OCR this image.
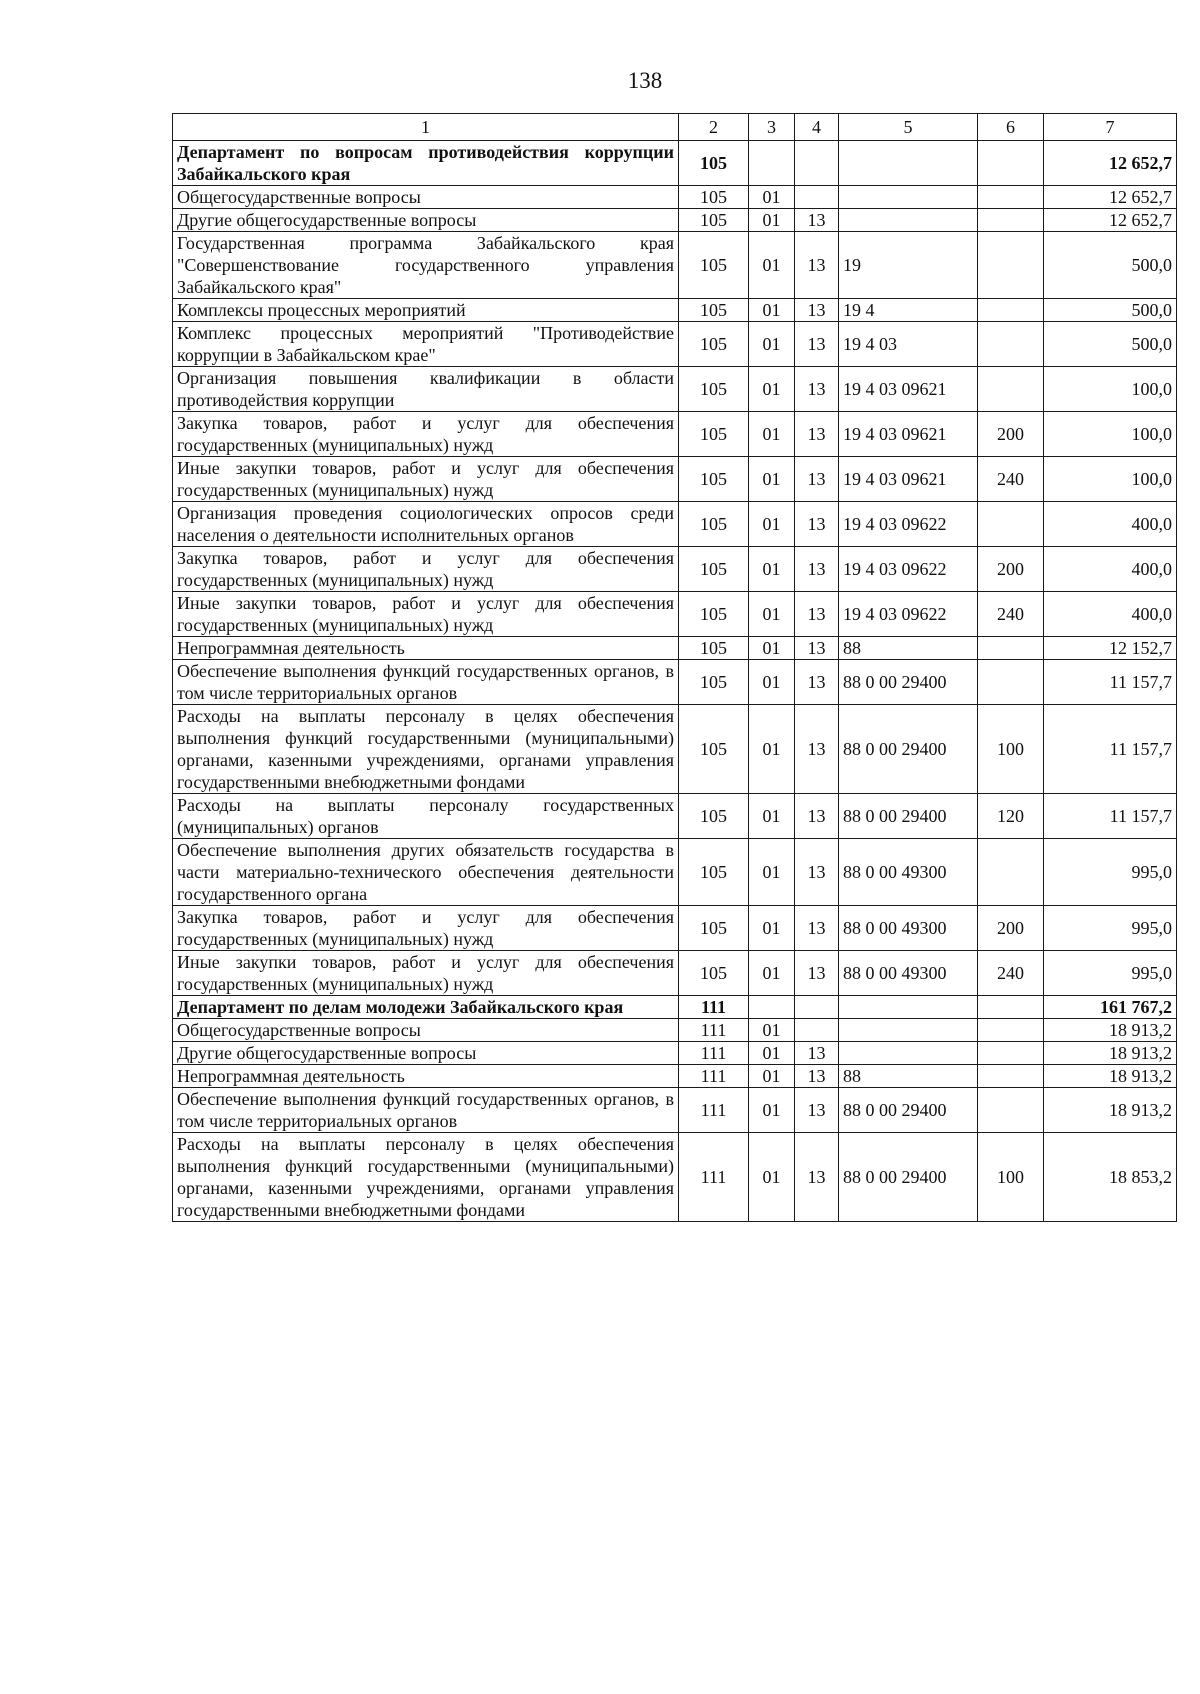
138
1	2	3	4	5	6	7
Департамент по вопросам противодействия коррупции Забайкальского края	105					12 652,7
Общегосударственные вопросы	105	01				12 652,7
Другие общегосударственные вопросы	105	01	13			12 652,7
Государственная программа Забайкальского края "Совершенствование государственного управления Забайкальского края"	105	01	13	19		500,0
Комплексы процессных мероприятий	105	01	13	19 4		500,0
Комплекс процессных мероприятий "Противодействие коррупции в Забайкальском крае"	105	01	13	19 4 03		500,0
Организация повышения квалификации в области противодействия коррупции	105	01	13	19 4 03 09621		100,0
Закупка товаров, работ и услуг для обеспечения государственных (муниципальных) нужд	105	01	13	19 4 03 09621	200	100,0
Иные закупки товаров, работ и услуг для обеспечения государственных (муниципальных) нужд	105	01	13	19 4 03 09621	240	100,0
Организация проведения социологических опросов среди населения о деятельности исполнительных органов	105	01	13	19 4 03 09622		400,0
Закупка товаров, работ и услуг для обеспечения государственных (муниципальных) нужд	105	01	13	19 4 03 09622	200	400,0
Иные закупки товаров, работ и услуг для обеспечения государственных (муниципальных) нужд	105	01	13	19 4 03 09622	240	400,0
Непрограммная деятельность	105	01	13	88		12 152,7
Обеспечение выполнения функций государственных органов, в том числе территориальных органов	105	01	13	88 0 00 29400		11 157,7
Расходы на выплаты персоналу в целях обеспечения выполнения функций государственными (муниципальными) органами, казенными учреждениями, органами управления государственными внебюджетными фондами	105	01	13	88 0 00 29400	100	11 157,7
Расходы на выплаты персоналу государственных (муниципальных) органов	105	01	13	88 0 00 29400	120	11 157,7
Обеспечение выполнения других обязательств государства в части материально-технического обеспечения деятельности государственного органа	105	01	13	88 0 00 49300		995,0
Закупка товаров, работ и услуг для обеспечения государственных (муниципальных) нужд	105	01	13	88 0 00 49300	200	995,0
Иные закупки товаров, работ и услуг для обеспечения государственных (муниципальных) нужд	105	01	13	88 0 00 49300	240	995,0
Департамент по делам молодежи Забайкальского края	111					161 767,2
Общегосударственные вопросы	111	01				18 913,2
Другие общегосударственные вопросы	111	01	13			18 913,2
Непрограммная деятельность	111	01	13	88		18 913,2
Обеспечение выполнения функций государственных органов, в том числе территориальных органов	111	01	13	88 0 00 29400		18 913,2
Расходы на выплаты персоналу в целях обеспечения выполнения функций государственными (муниципальными) органами, казенными учреждениями, органами управления государственными внебюджетными фондами	111	01	13	88 0 00 29400	100	18 853,2
